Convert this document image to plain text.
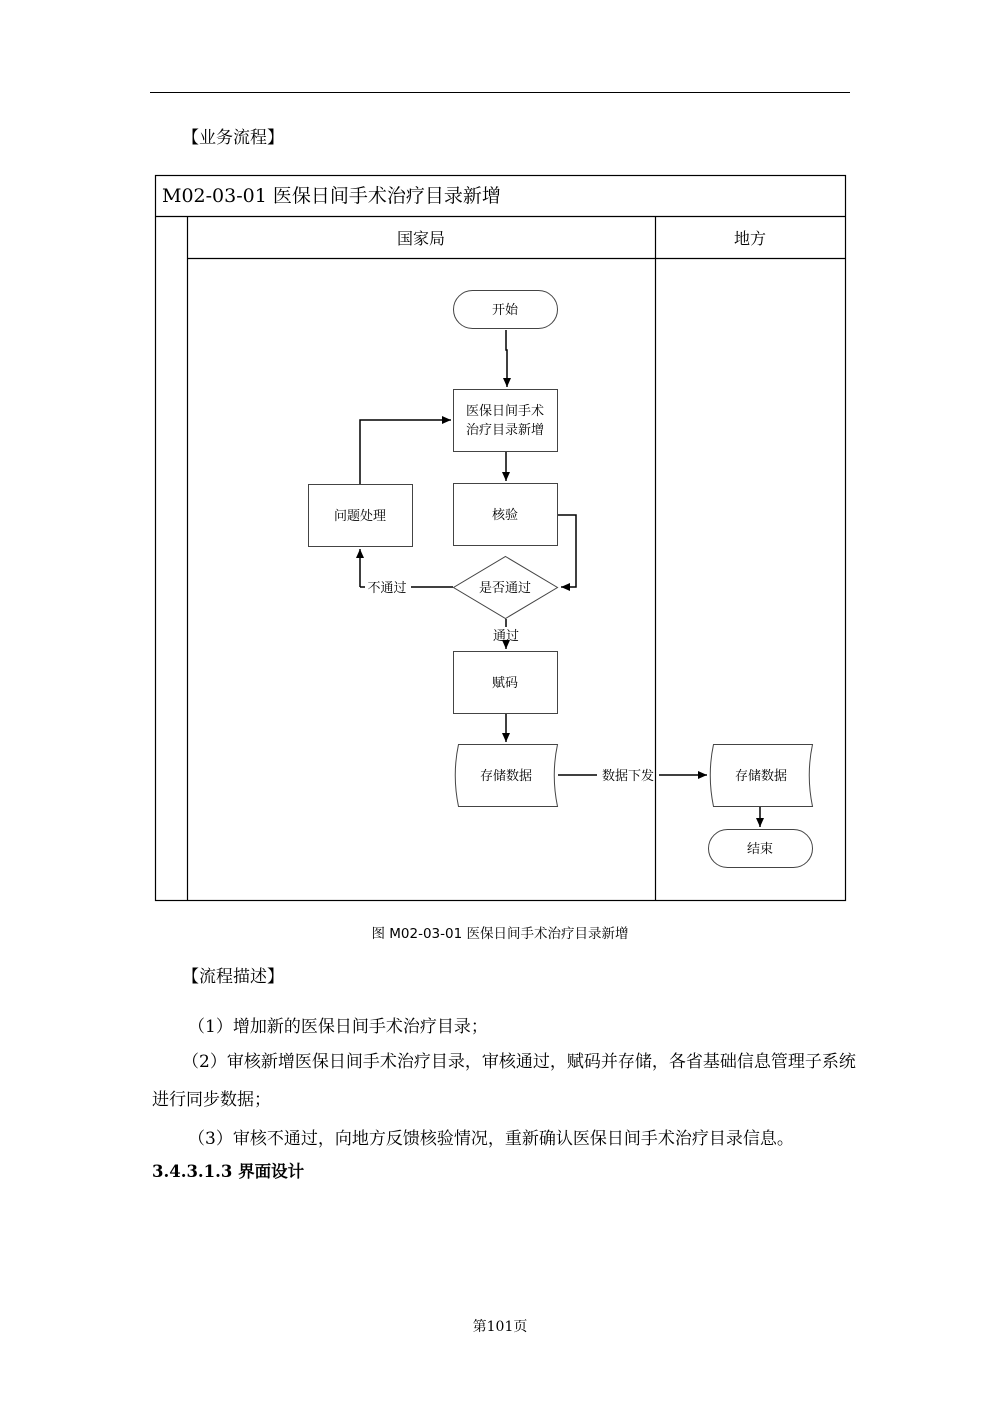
【业务流程】
M02-03-01 医保日间手术治疗目录新增
国家局	地方
开始
医保日间手术
治疗目录新增
核验
问题处理
是否通过
赋码
存储数据	存储数据
结束
不通过
通过
数据下发
图 M02-03-01 医保日间手术治疗目录新增
【流程描述】
（1）增加新的医保日间手术治疗目录；
（2）审核新增医保日间手术治疗目录，审核通过，赋码并存储，各省基础信息管理子系统
进行同步数据；
（3）审核不通过，向地方反馈核验情况，重新确认医保日间手术治疗目录信息。
3.4.3.1.3 界面设计
第101页
